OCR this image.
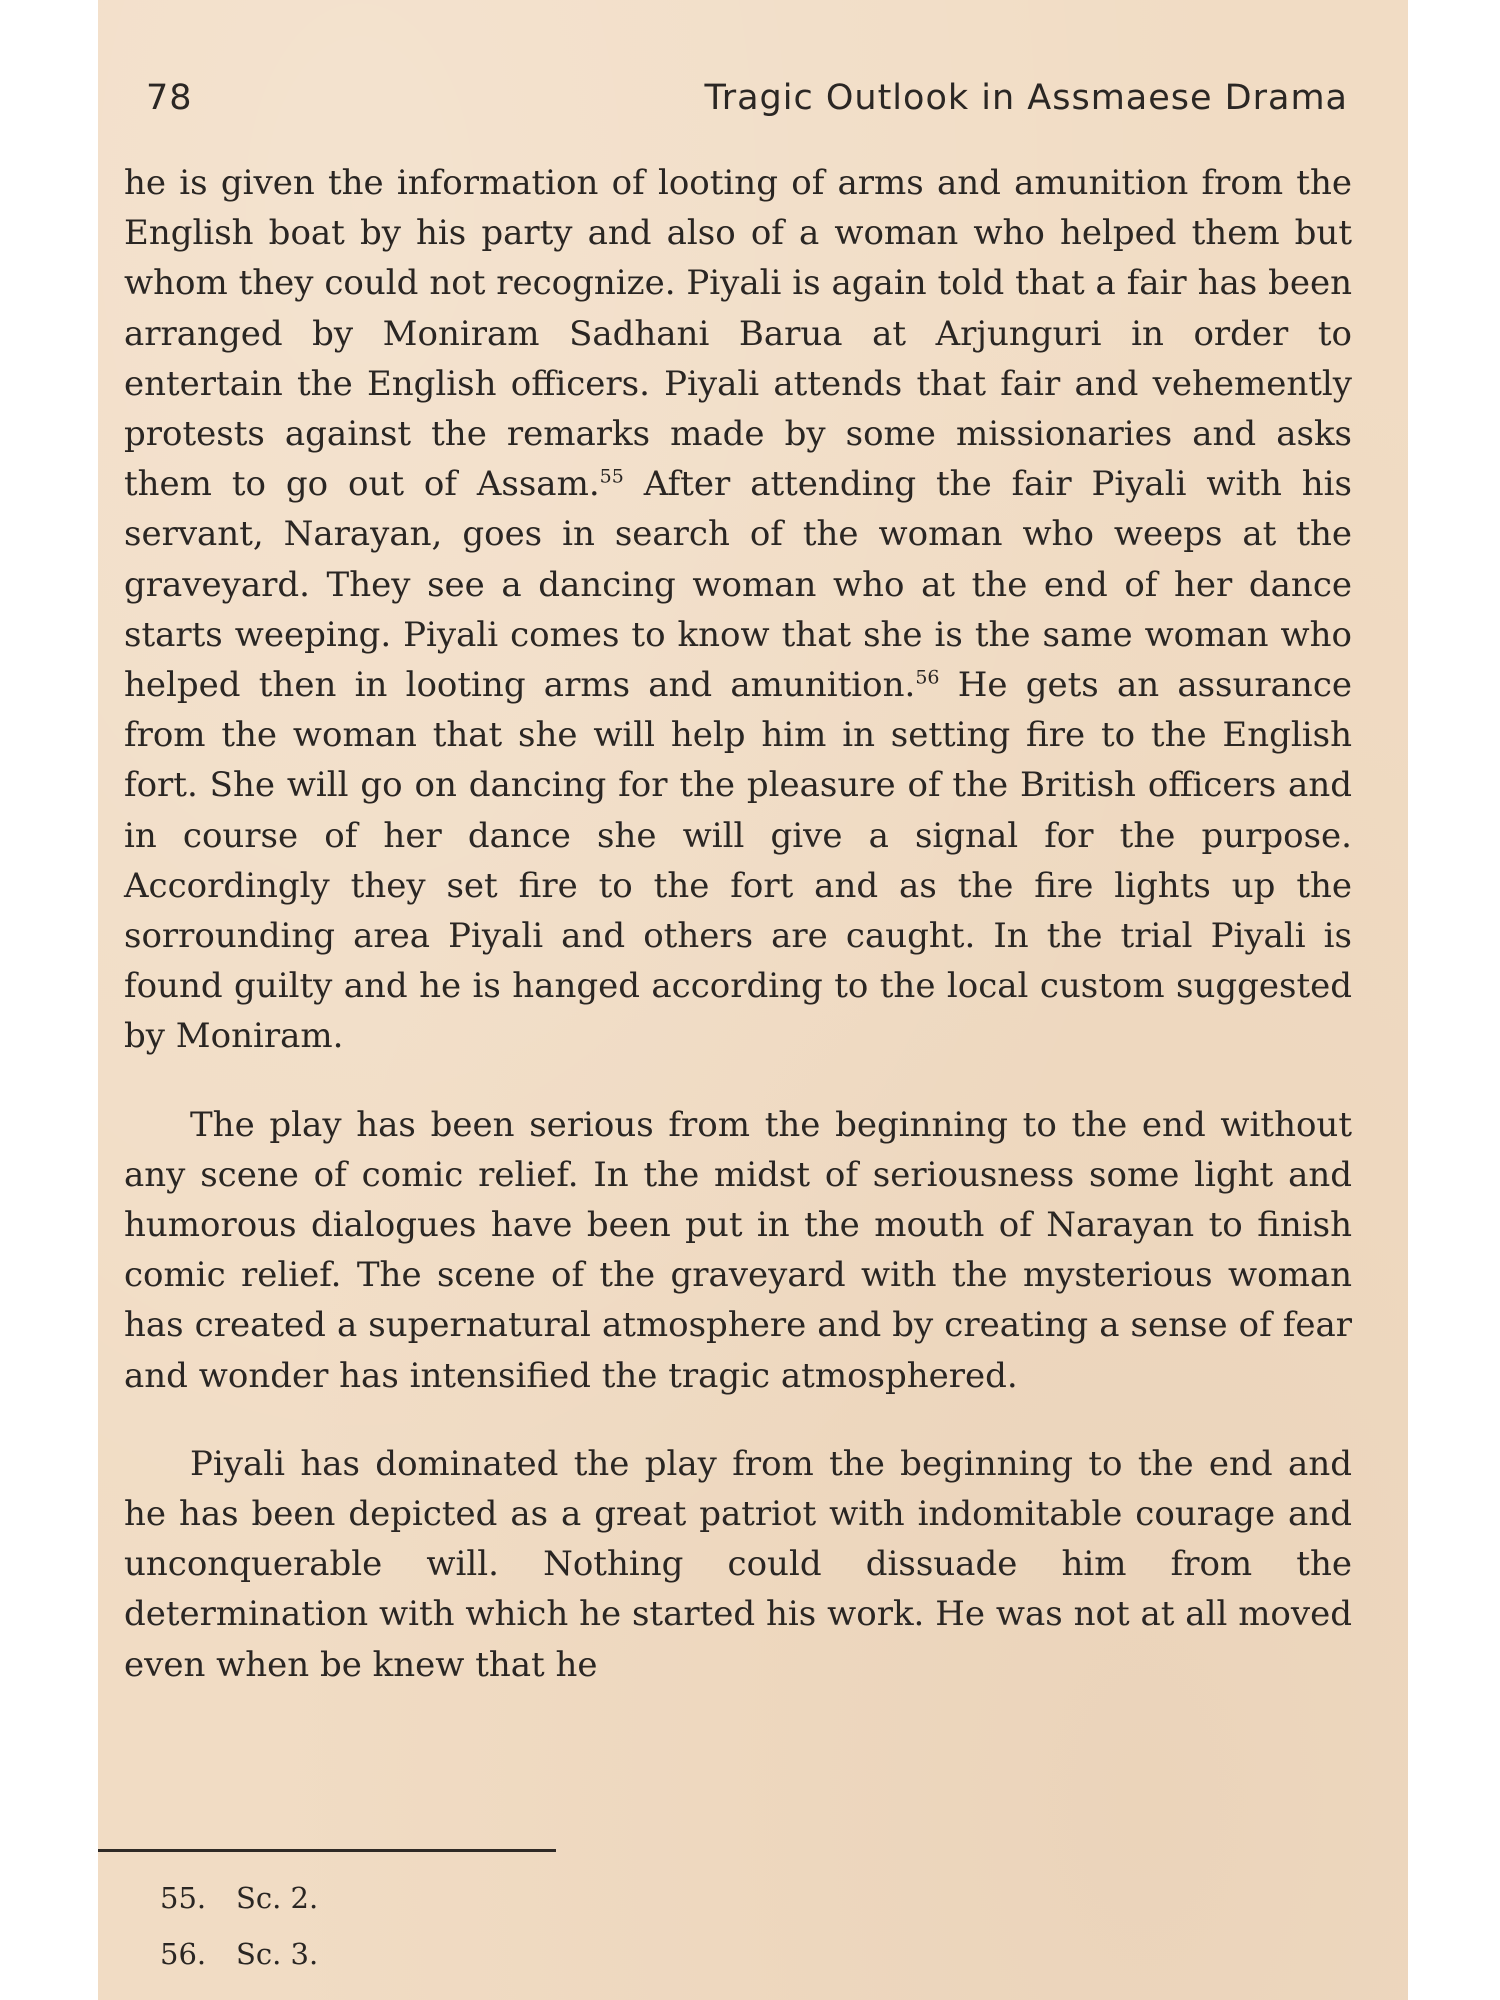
78	Tragic Outlook in Assmaese Drama

he is given the information of looting of arms and amunition from the English boat by his party and also of a woman who helped them but whom they could not recognize. Piyali is again told that a fair has been arranged by Moniram Sadhani Barua at Arjunguri in order to entertain the English officers. Piyali attends that fair and vehemently protests against the remarks made by some missionaries and asks them to go out of Assam.$^{55}$ After attending the fair Piyali with his servant, Narayan, goes in search of the woman who weeps at the graveyard. They see a dancing woman who at the end of her dance starts weeping. Piyali comes to know that she is the same woman who helped then in looting arms and amunition.$^{56}$ He gets an assurance from the woman that she will help him in setting fire to the English fort. She will go on dancing for the pleasure of the British officers and in course of her dance she will give a signal for the purpose. Accordingly they set fire to the fort and as the fire lights up the sorrounding area Piyali and others are caught. In the trial Piyali is found guilty and he is hanged according to the local custom suggested by Moniram.

The play has been serious from the beginning to the end without any scene of comic relief. In the midst of seriousness some light and humorous dialogues have been put in the mouth of Narayan to finish comic relief. The scene of the graveyard with the mysterious woman has created a supernatural atmosphere and by creating a sense of fear and wonder has intensified the tragic atmosphered.

Piyali has dominated the play from the beginning to the end and he has been depicted as a great patriot with indomitable courage and unconquerable will. Nothing could dissuade him from the determination with which he started his work. He was not at all moved even when be knew that he

55. Sc. 2.
56. Sc. 3.
